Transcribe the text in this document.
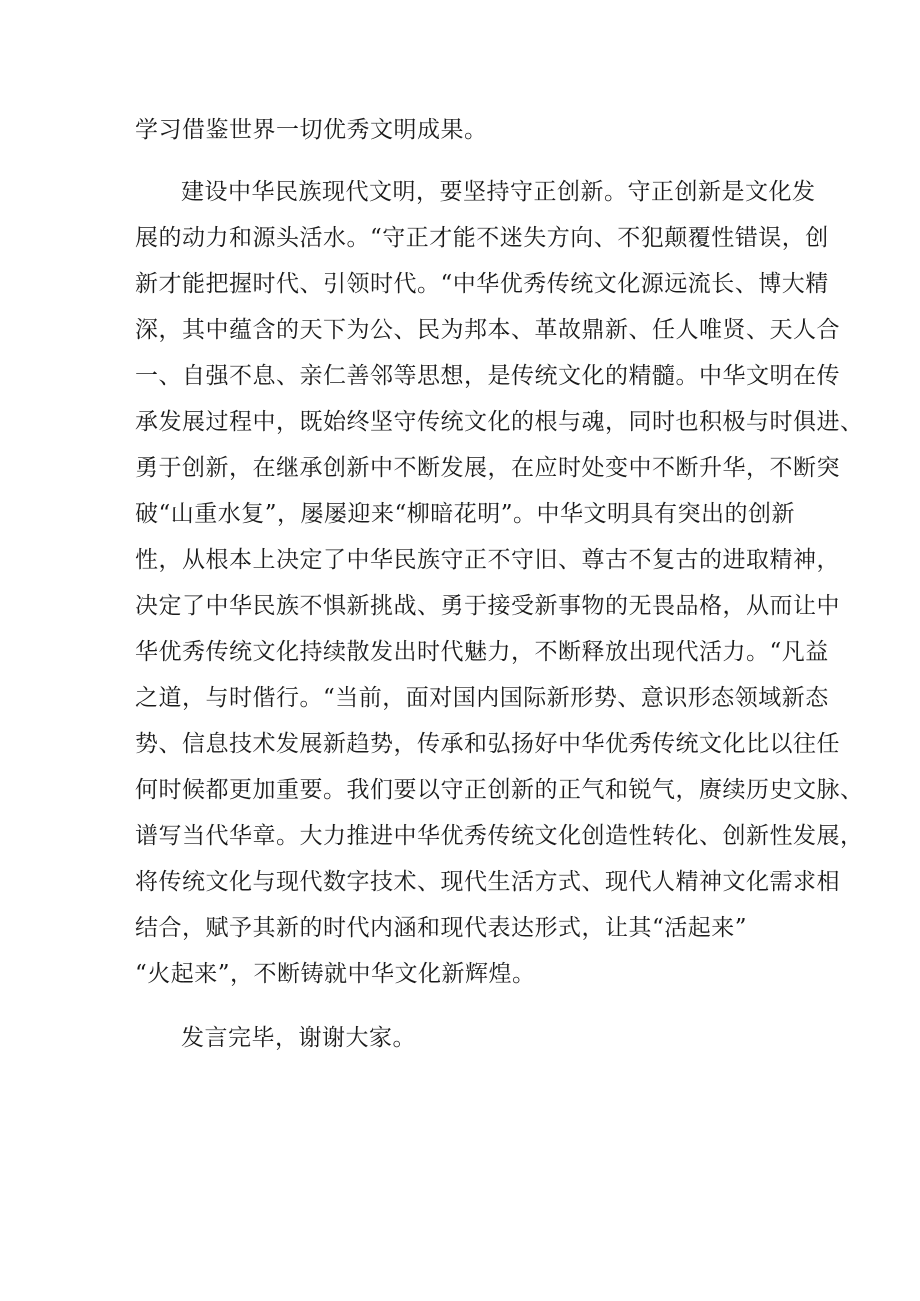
学习借鉴世界一切优秀文明成果。
建设中华民族现代文明，要坚持守正创新。守正创新是文化发
展的动力和源头活水。“守正才能不迷失方向、不犯颠覆性错误，创
新才能把握时代、引领时代。“中华优秀传统文化源远流长、博大精
深，其中蕴含的天下为公、民为邦本、革故鼎新、任人唯贤、天人合
一、自强不息、亲仁善邻等思想，是传统文化的精髓。中华文明在传
承发展过程中，既始终坚守传统文化的根与魂，同时也积极与时俱进、
勇于创新，在继承创新中不断发展，在应时处变中不断升华，不断突
破“山重水复”，屡屡迎来“柳暗花明”。中华文明具有突出的创新
性，从根本上决定了中华民族守正不守旧、尊古不复古的进取精神，
决定了中华民族不惧新挑战、勇于接受新事物的无畏品格，从而让中
华优秀传统文化持续散发出时代魅力，不断释放出现代活力。“凡益
之道，与时偕行。“当前，面对国内国际新形势、意识形态领域新态
势、信息技术发展新趋势，传承和弘扬好中华优秀传统文化比以往任
何时候都更加重要。我们要以守正创新的正气和锐气，赓续历史文脉、
谱写当代华章。大力推进中华优秀传统文化创造性转化、创新性发展，
将传统文化与现代数字技术、现代生活方式、现代人精神文化需求相
结合，赋予其新的时代内涵和现代表达形式，让其“活起来”
“火起来”，不断铸就中华文化新辉煌。
发言完毕，谢谢大家。
